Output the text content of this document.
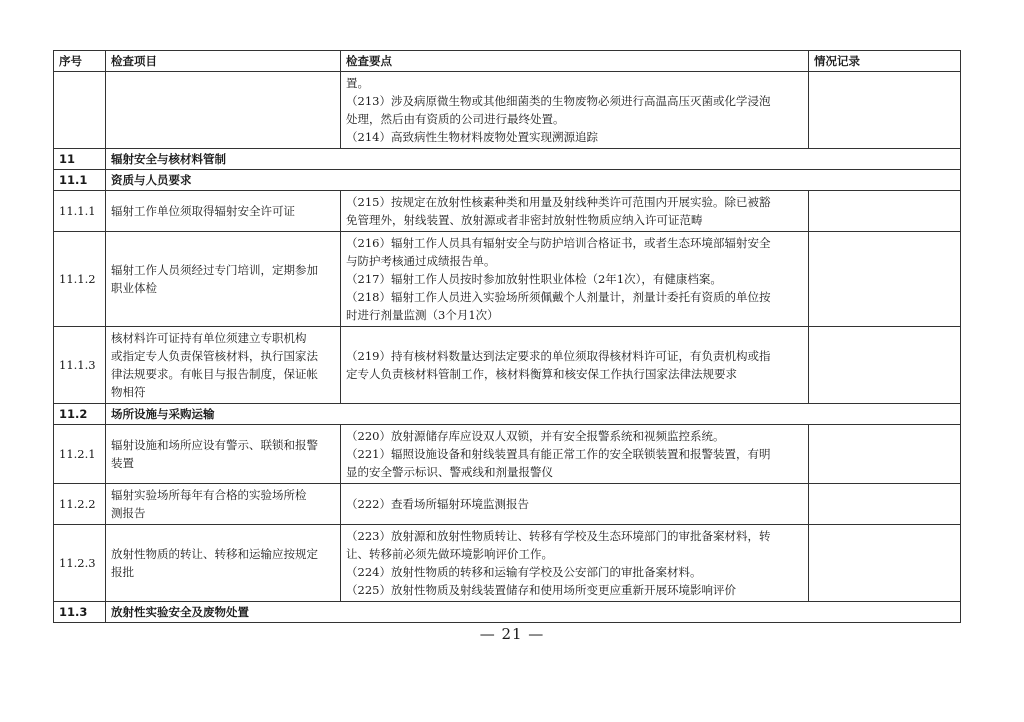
序号	检查项目	检查要点	情况记录

		置。
（213）涉及病原微生物或其他细菌类的生物废物必须进行高温高压灭菌或化学浸泡
处理，然后由有资质的公司进行最终处置。
（214）高致病性生物材料废物处置实现溯源追踪	

11	辐射安全与核材料管制		
11.1	资质与人员要求		
11.1.1	辐射工作单位须取得辐射安全许可证	（215）按规定在放射性核素种类和用量及射线种类许可范围内开展实验。除已被豁
免管理外，射线装置、放射源或者非密封放射性物质应纳入许可证范畴	

11.1.2	辐射工作人员须经过专门培训，定期参加
职业体检	（216）辐射工作人员具有辐射安全与防护培训合格证书，或者生态环境部辐射安全
与防护考核通过成绩报告单。
（217）辐射工作人员按时参加放射性职业体检（2年1次），有健康档案。
（218）辐射工作人员进入实验场所须佩戴个人剂量计，剂量计委托有资质的单位按
时进行剂量监测（3个月1次）	

11.1.3	核材料许可证持有单位须建立专职机构
或指定专人负责保管核材料，执行国家法
律法规要求。有帐目与报告制度，保证帐
物相符	（219）持有核材料数量达到法定要求的单位须取得核材料许可证，有负责机构或指
定专人负责核材料管制工作，核材料衡算和核安保工作执行国家法律法规要求	

11.2	场所设施与采购运输		
11.2.1	辐射设施和场所应设有警示、联锁和报警
装置	（220）放射源储存库应设双人双锁，并有安全报警系统和视频监控系统。
（221）辐照设施设备和射线装置具有能正常工作的安全联锁装置和报警装置，有明
显的安全警示标识、警戒线和剂量报警仪	

11.2.2	辐射实验场所每年有合格的实验场所检
测报告	（222）查看场所辐射环境监测报告	

11.2.3	放射性物质的转让、转移和运输应按规定
报批	（223）放射源和放射性物质转让、转移有学校及生态环境部门的审批备案材料，转
让、转移前必须先做环境影响评价工作。
（224）放射性物质的转移和运输有学校及公安部门的审批备案材料。
（225）放射性物质及射线装置储存和使用场所变更应重新开展环境影响评价	

11.3	放射性实验安全及废物处置		
— 21 —
